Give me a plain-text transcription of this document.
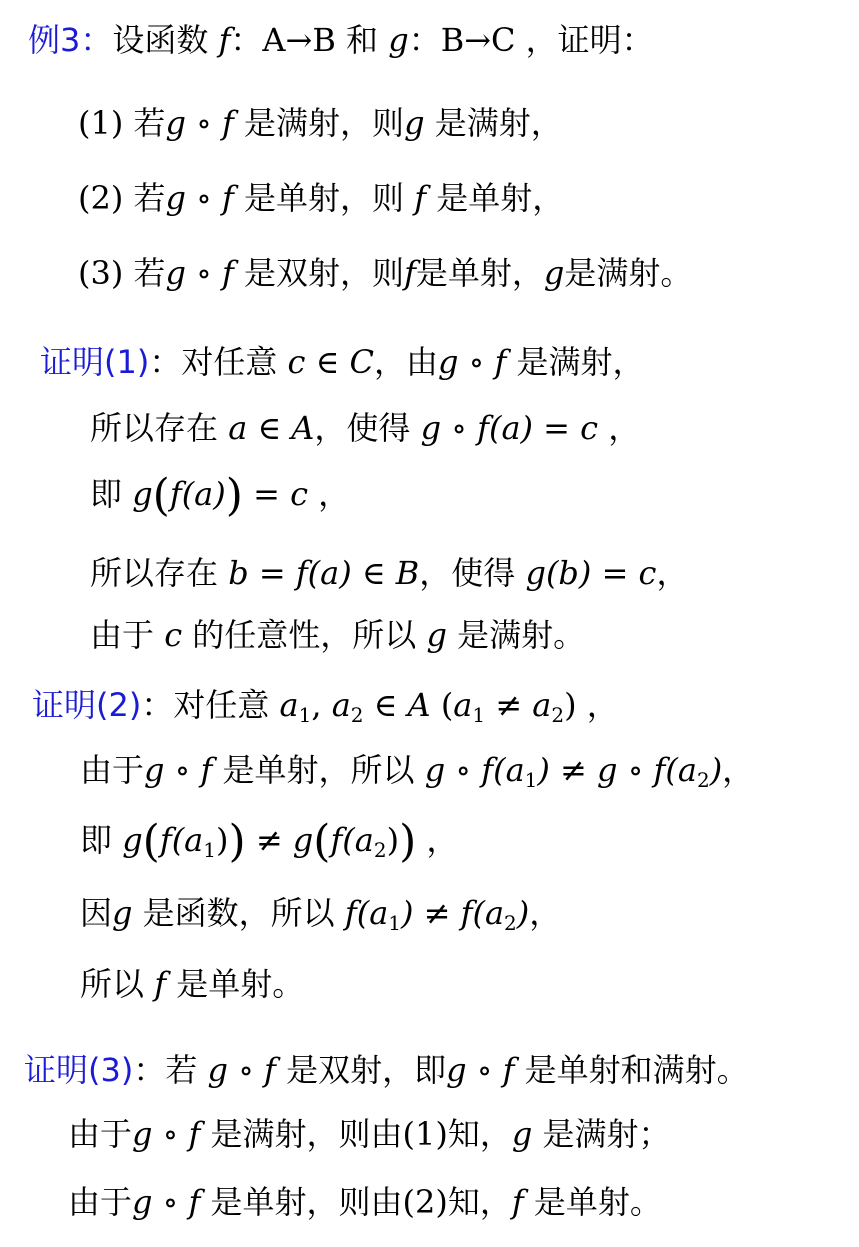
例3：设函数 f：A→B 和 g：B→C ，证明：
(1) 若g ∘ f 是满射，则g 是满射，
(2) 若g ∘ f 是单射，则 f 是单射，
(3) 若g ∘ f 是双射，则f是单射，g是满射。
证明(1)：对任意 c ∈ C，由g ∘ f 是满射，
所以存在 a ∈ A，使得 g ∘ f(a) = c ，
即 g(f(a)) = c ，
所以存在 b = f(a) ∈ B，使得 g(b) = c，
由于 c 的任意性，所以 g 是满射。
证明(2)：对任意 $a_1$, $a_2$ ∈ A $(a_1 \ne a_2)$ ，
由于g ∘ f 是单射，所以 g ∘ $f(a_1) \ne g$ ∘ $f(a_2)$，
即 $g(f(a_1)) \ne g(f(a_2))$ ，
因g 是函数，所以 $f(a_1) \ne f(a_2)$，
所以 f 是单射。
证明(3)：若 g ∘ f 是双射，即g ∘ f 是单射和满射。
由于g ∘ f 是满射，则由(1)知，g 是满射；
由于g ∘ f 是单射，则由(2)知，f 是单射。
